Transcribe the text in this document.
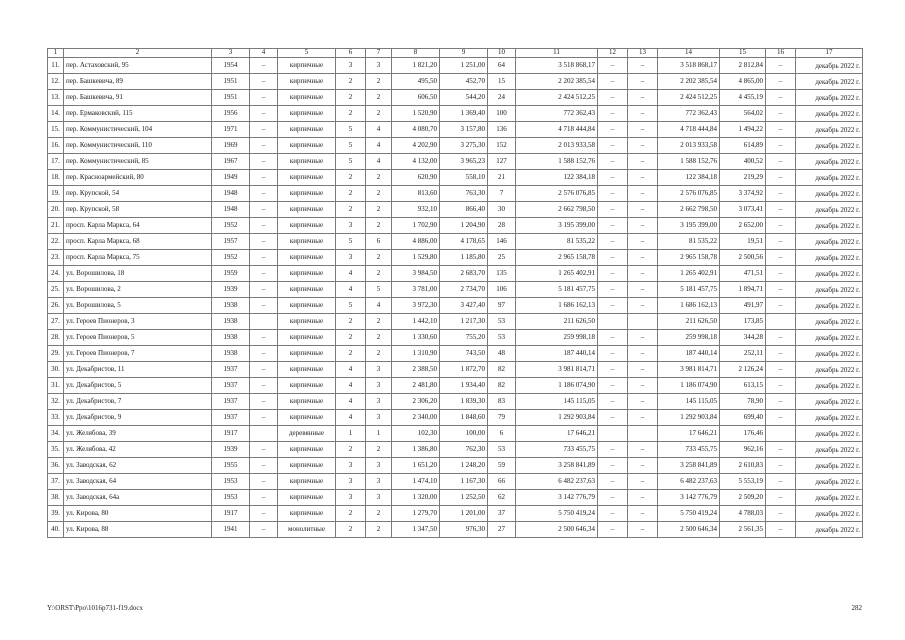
1	2	3	4	5	6	7	8	9	10	11	12	13	14	15	16	17
11.	пер. Астаховский, 95	1954	–	кирпичные	3	3	1 821,20	1 251,00	64	3 518 868,17	–	–	3 518 868,17	2 812,84	–	декабрь 2022 г.
12.	пер. Башкевича, 89	1951	–	кирпичные	2	2	495,50	452,70	15	2 202 385,54	–	–	2 202 385,54	4 865,00	–	декабрь 2022 г.
13.	пер. Башкевича, 91	1951	–	кирпичные	2	2	606,50	544,20	24	2 424 512,25	–	–	2 424 512,25	4 455,19	–	декабрь 2022 г.
14.	пер. Ермаковский, 115	1956	–	кирпичные	2	2	1 520,90	1 369,40	100	772 362,43	–	–	772 362,43	564,02	–	декабрь 2022 г.
15.	пер. Коммунистический, 104	1971	–	кирпичные	5	4	4 080,70	3 157,80	136	4 718 444,84	–	–	4 718 444,84	1 494,22	–	декабрь 2022 г.
16.	пер. Коммунистический, 110	1969	–	кирпичные	5	4	4 202,90	3 275,30	152	2 013 933,58	–	–	2 013 933,58	614,89	–	декабрь 2022 г.
17.	пер. Коммунистический, 85	1967	–	кирпичные	5	4	4 132,00	3 965,23	127	1 588 152,76	–	–	1 588 152,76	400,52	–	декабрь 2022 г.
18.	пер. Красноармейский, 80	1949	–	кирпичные	2	2	620,90	558,10	21	122 384,18	–	–	122 384,18	219,29	–	декабрь 2022 г.
19.	пер. Крупской, 54	1948	–	кирпичные	2	2	813,60	763,30	7	2 576 076,85	–	–	2 576 076,85	3 374,92	–	декабрь 2022 г.
20.	пер. Крупской, 58	1948	–	кирпичные	2	2	932,10	866,40	30	2 662 798,50	–	–	2 662 798,50	3 073,41	–	декабрь 2022 г.
21.	просп. Карла Маркса, 64	1952	–	кирпичные	3	2	1 702,90	1 204,90	28	3 195 399,00	–	–	3 195 399,00	2 652,00	–	декабрь 2022 г.
22.	просп. Карла Маркса, 68	1957	–	кирпичные	5	6	4 886,00	4 178,65	146	81 535,22	–	–	81 535,22	19,51	–	декабрь 2022 г.
23.	просп. Карла Маркса, 75	1952	–	кирпичные	3	2	1 529,80	1 185,80	25	2 965 158,78	–	–	2 965 158,78	2 500,56	–	декабрь 2022 г.
24.	ул. Ворошилова, 18	1959	–	кирпичные	4	2	3 984,50	2 683,70	135	1 265 402,91	–	–	1 265 402,91	471,51	–	декабрь 2022 г.
25.	ул. Ворошилова, 2	1939	–	кирпичные	4	5	3 781,00	2 734,70	106	5 181 457,75	–	–	5 181 457,75	1 894,71	–	декабрь 2022 г.
26.	ул. Ворошилова, 5	1938	–	кирпичные	5	4	3 972,30	3 427,40	97	1 686 162,13	–	–	1 686 162,13	491,97	–	декабрь 2022 г.
27.	ул. Героев Пионеров, 3	1938		кирпичные	2	2	1 442,10	1 217,30	53	211 626,50			211 626,50	173,85		декабрь 2022 г.
28.	ул. Героев Пионеров, 5	1938	–	кирпичные	2	2	1 330,60	755,20	53	259 998,18	–	–	259 998,18	344,28	–	декабрь 2022 г.
29.	ул. Героев Пионеров, 7	1938	–	кирпичные	2	2	1 310,90	743,50	48	187 440,14	–	–	187 440,14	252,11	–	декабрь 2022 г.
30.	ул. Декабристов, 11	1937	–	кирпичные	4	3	2 388,50	1 872,70	82	3 981 814,71	–	–	3 981 814,71	2 126,24	–	декабрь 2022 г.
31.	ул. Декабристов, 5	1937	–	кирпичные	4	3	2 481,80	1 934,40	82	1 186 074,90	–	–	1 186 074,90	613,15	–	декабрь 2022 г.
32.	ул. Декабристов, 7	1937	–	кирпичные	4	3	2 306,20	1 839,30	83	145 115,05	–	–	145 115,05	78,90	–	декабрь 2022 г.
33.	ул. Декабристов, 9	1937	–	кирпичные	4	3	2 340,00	1 848,60	79	1 292 903,84	–	–	1 292 903,84	699,40	–	декабрь 2022 г.
34.	ул. Желябова, 39	1917		деревянные	1	1	102,30	100,00	6	17 646,21			17 646,21	176,46		декабрь 2022 г.
35.	ул. Желябова, 42	1939	–	кирпичные	2	2	1 386,80	762,30	53	733 455,75	–	–	733 455,75	962,16	–	декабрь 2022 г.
36.	ул. Заводская, 62	1955	–	кирпичные	3	3	1 651,20	1 248,20	59	3 258 841,89	–	–	3 258 841,89	2 610,83	–	декабрь 2022 г.
37.	ул. Заводская, 64	1953	–	кирпичные	3	3	1 474,10	1 167,30	66	6 482 237,63	–	–	6 482 237,63	5 553,19	–	декабрь 2022 г.
38.	ул. Заводская, 64а	1953	–	кирпичные	3	3	1 320,00	1 252,50	62	3 142 776,79	–	–	3 142 776,79	2 509,20	–	декабрь 2022 г.
39.	ул. Кирова, 80	1917	–	кирпичные	2	2	1 279,70	1 201,00	37	5 750 419,24	–	–	5 750 419,24	4 788,03	–	декабрь 2022 г.
40.	ул. Кирова, 88	1941	–	монолитные	2	2	1 347,50	976,30	27	2 500 646,34	–	–	2 500 646,34	2 561,35	–	декабрь 2022 г.
Y:\ORST\Ppo\1016p731-f19.docx	282
